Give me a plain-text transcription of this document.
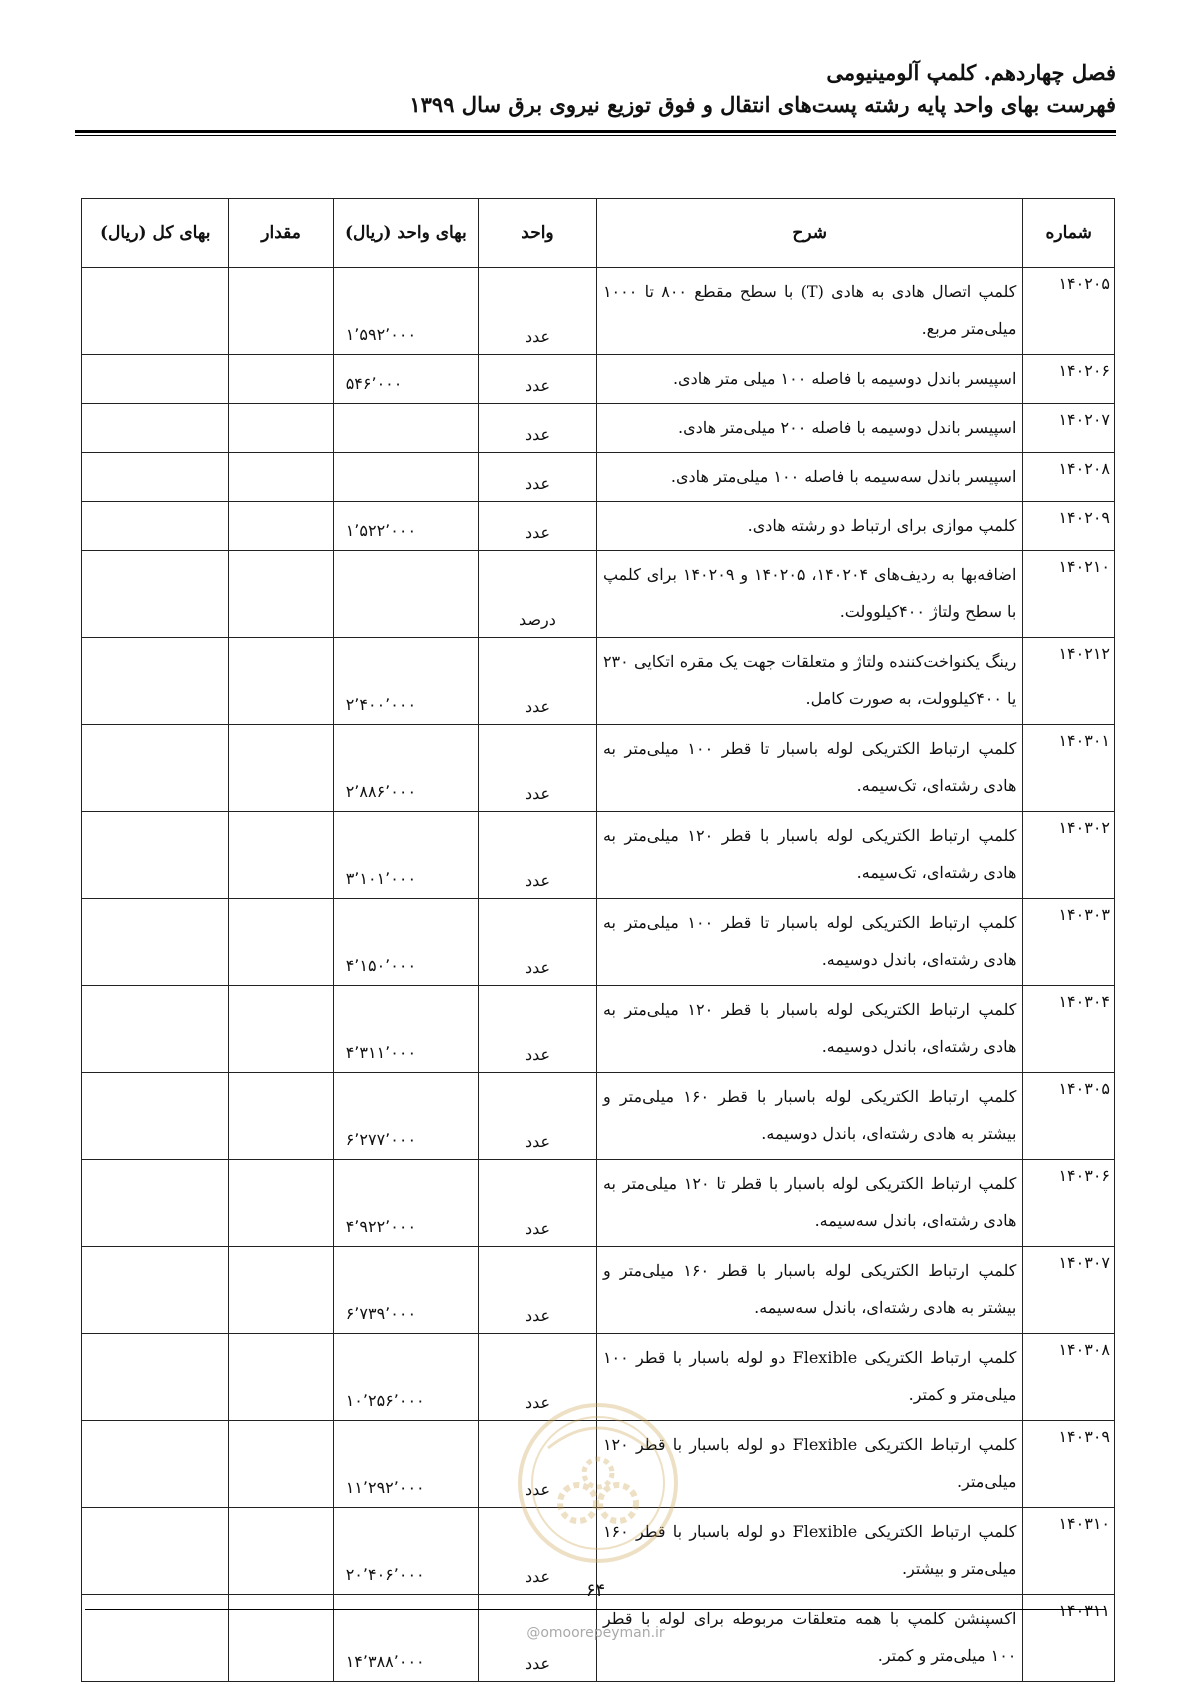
فصل چهاردهم. کلمپ آلومینیومی
فهرست بهای واحد پایه رشته پست‌های انتقال و فوق توزیع نیروی برق سال ۱۳۹۹
شماره	شرح	واحد	بهای واحد (ریال)	مقدار	بهای کل (ریال)
۱۴۰۲۰۵	کلمپ اتصال هادی به هادی (T) با سطح مقطع ۸۰۰ تا ۱۰۰۰ میلی‌متر مربع.	عدد	۱٬۵۹۲٬۰۰۰		
۱۴۰۲۰۶	اسپیسر باندل دوسیمه با فاصله ۱۰۰ میلی متر هادی.	عدد	۵۴۶٬۰۰۰		
۱۴۰۲۰۷	اسپیسر باندل دوسیمه با فاصله ۲۰۰ میلی‌متر هادی.	عدد			
۱۴۰۲۰۸	اسپیسر باندل سه‌سیمه با فاصله ۱۰۰ میلی‌متر هادی.	عدد			
۱۴۰۲۰۹	کلمپ موازی برای ارتباط دو رشته هادی.	عدد	۱٬۵۲۲٬۰۰۰		
۱۴۰۲۱۰	اضافه‌بها به ردیف‌های ۱۴۰۲۰۴، ۱۴۰۲۰۵ و ۱۴۰۲۰۹ برای کلمپ با سطح ولتاژ ۴۰۰کیلوولت.	درصد			
۱۴۰۲۱۲	رینگ یکنواخت‌کننده ولتاژ و متعلقات جهت یک مقره اتکایی ۲۳۰ یا ۴۰۰کیلوولت، به صورت کامل.	عدد	۲٬۴۰۰٬۰۰۰		
۱۴۰۳۰۱	کلمپ ارتباط الکتریکی لوله باسبار تا قطر ۱۰۰ میلی‌متر به هادی رشته‌ای، تک‌سیمه.	عدد	۲٬۸۸۶٬۰۰۰		
۱۴۰۳۰۲	کلمپ ارتباط الکتریکی لوله باسبار با قطر ۱۲۰ میلی‌متر به هادی رشته‌ای، تک‌سیمه.	عدد	۳٬۱۰۱٬۰۰۰		
۱۴۰۳۰۳	کلمپ ارتباط الکتریکی لوله باسبار تا قطر ۱۰۰ میلی‌متر به هادی رشته‌ای، باندل دوسیمه.	عدد	۴٬۱۵۰٬۰۰۰		
۱۴۰۳۰۴	کلمپ ارتباط الکتریکی لوله باسبار با قطر ۱۲۰ میلی‌متر به هادی رشته‌ای، باندل دوسیمه.	عدد	۴٬۳۱۱٬۰۰۰		
۱۴۰۳۰۵	کلمپ ارتباط الکتریکی لوله باسبار با قطر ۱۶۰ میلی‌متر و بیشتر به هادی رشته‌ای، باندل دوسیمه.	عدد	۶٬۲۷۷٬۰۰۰		
۱۴۰۳۰۶	کلمپ ارتباط الکتریکی لوله باسبار با قطر تا ۱۲۰ میلی‌متر به هادی رشته‌ای، باندل سه‌سیمه.	عدد	۴٬۹۲۲٬۰۰۰		
۱۴۰۳۰۷	کلمپ ارتباط الکتریکی لوله باسبار با قطر ۱۶۰ میلی‌متر و بیشتر به هادی رشته‌ای، باندل سه‌سیمه.	عدد	۶٬۷۳۹٬۰۰۰		
۱۴۰۳۰۸	کلمپ ارتباط الکتریکی Flexible دو لوله باسبار با قطر ۱۰۰ میلی‌متر و کمتر.	عدد	۱۰٬۲۵۶٬۰۰۰		
۱۴۰۳۰۹	کلمپ ارتباط الکتریکی Flexible دو لوله باسبار با قطر ۱۲۰ میلی‌متر.	عدد	۱۱٬۲۹۲٬۰۰۰		
۱۴۰۳۱۰	کلمپ ارتباط الکتریکی Flexible دو لوله باسبار با قطر ۱۶۰ میلی‌متر و بیشتر.	عدد	۲۰٬۴۰۶٬۰۰۰		
۱۴۰۳۱۱	اکسپنشن کلمپ با همه متعلقات مربوطه برای لوله با قطر ۱۰۰ میلی‌متر و کمتر.	عدد	۱۴٬۳۸۸٬۰۰۰		
۶۴
@omoorepeyman.ir
